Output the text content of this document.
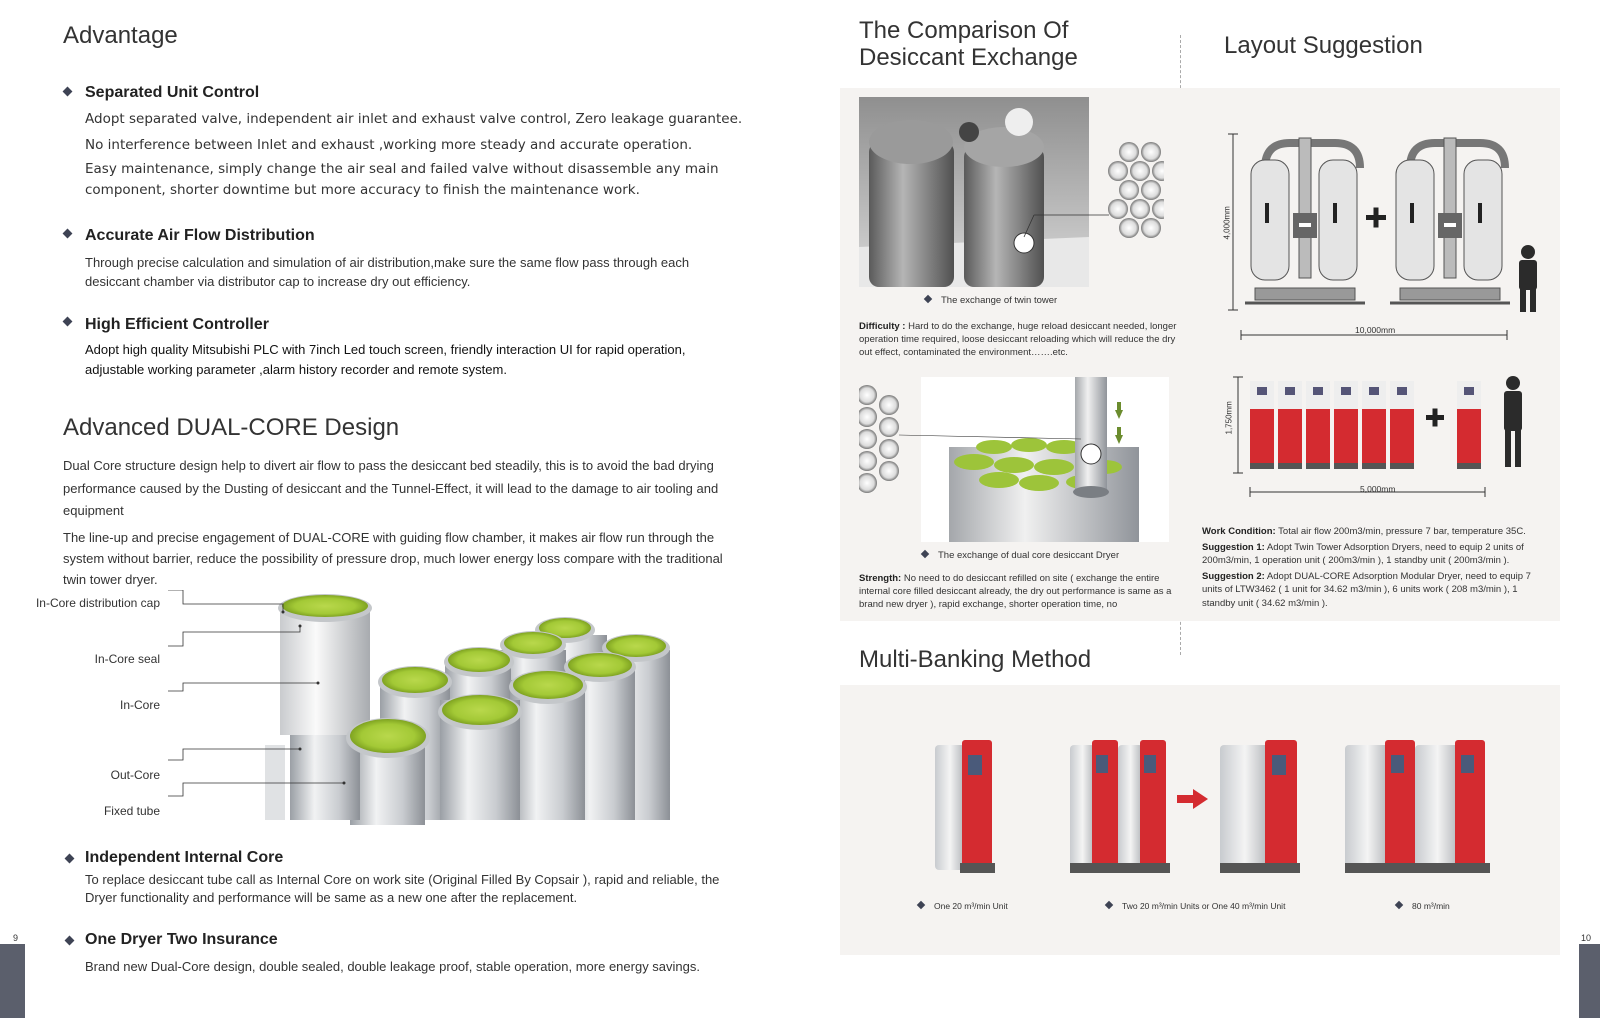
Advantage
Separated Unit Control
Adopt separated valve, independent air inlet and exhaust valve control, Zero leakage guarantee.
No interference between Inlet and exhaust ,working more steady and accurate operation.
Easy maintenance, simply change the air seal and failed valve without disassemble any main
component, shorter downtime but more accuracy to finish the maintenance work.
Accurate Air Flow Distribution
Through precise calculation and simulation of air distribution,make sure the same flow pass through each
desiccant chamber via distributor cap to increase dry out efficiency.
High Efficient Controller
Adopt high quality Mitsubishi PLC with 7inch Led touch screen, friendly interaction UI for rapid operation,
adjustable working parameter ,alarm history recorder and remote system.
Advanced DUAL-CORE Design
Dual Core structure design help to divert air flow to pass the desiccant bed steadily, this is to avoid the bad drying
performance caused by the Dusting of desiccant and the Tunnel-Effect, it will lead to the damage to air tooling and
equipment
The line-up and precise engagement of DUAL-CORE with guiding flow chamber, it makes air flow run through the
system without barrier, reduce the possibility of pressure drop, much lower energy loss compare with the traditional
twin tower dryer.
In-Core distribution cap
In-Core seal
In-Core
Out-Core
Fixed tube
Independent Internal Core
To replace desiccant tube call as Internal Core on work site (Original Filled By Copsair ), rapid and reliable, the
Dryer functionality and performance will be same as a new one after the replacement.
One Dryer Two Insurance
Brand new Dual-Core design, double sealed, double leakage proof, stable operation, more energy savings.
9
The Comparison Of
Desiccant Exchange	Layout Suggestion
The exchange of twin tower
Difficulty : Hard to do the exchange, huge reload desiccant needed, longer
operation time required, loose desiccant reloading which will reduce the dry
out effect, contaminated the environment…….etc.
The exchange of dual core desiccant Dryer
Strength: No need to do desiccant refilled on site ( exchange the entire
internal core filled desiccant already, the dry out performance is same as a
brand new dryer ), rapid exchange, shorter operation time, no
4,000mm
10,000mm
1,750mm
5,000mm
Work Condition: Total air flow 200m3/min, pressure 7 bar, temperature 35C.
Suggestion 1: Adopt Twin Tower Adsorption Dryers, need to equip 2 units of
200m3/min, 1 operation unit ( 200m3/min ), 1 standby unit ( 200m3/min ).
Suggestion 2: Adopt DUAL-CORE Adsorption Modular Dryer, need to equip 7
units of LTW3462 ( 1 unit for 34.62 m3/min ), 6 units work ( 208 m3/min ), 1
standby unit ( 34.62 m3/min ).
Multi-Banking Method
One 20 m³/min Unit	Two 20 m³/min Units or One 40 m³/min Unit	80 m³/min
10
